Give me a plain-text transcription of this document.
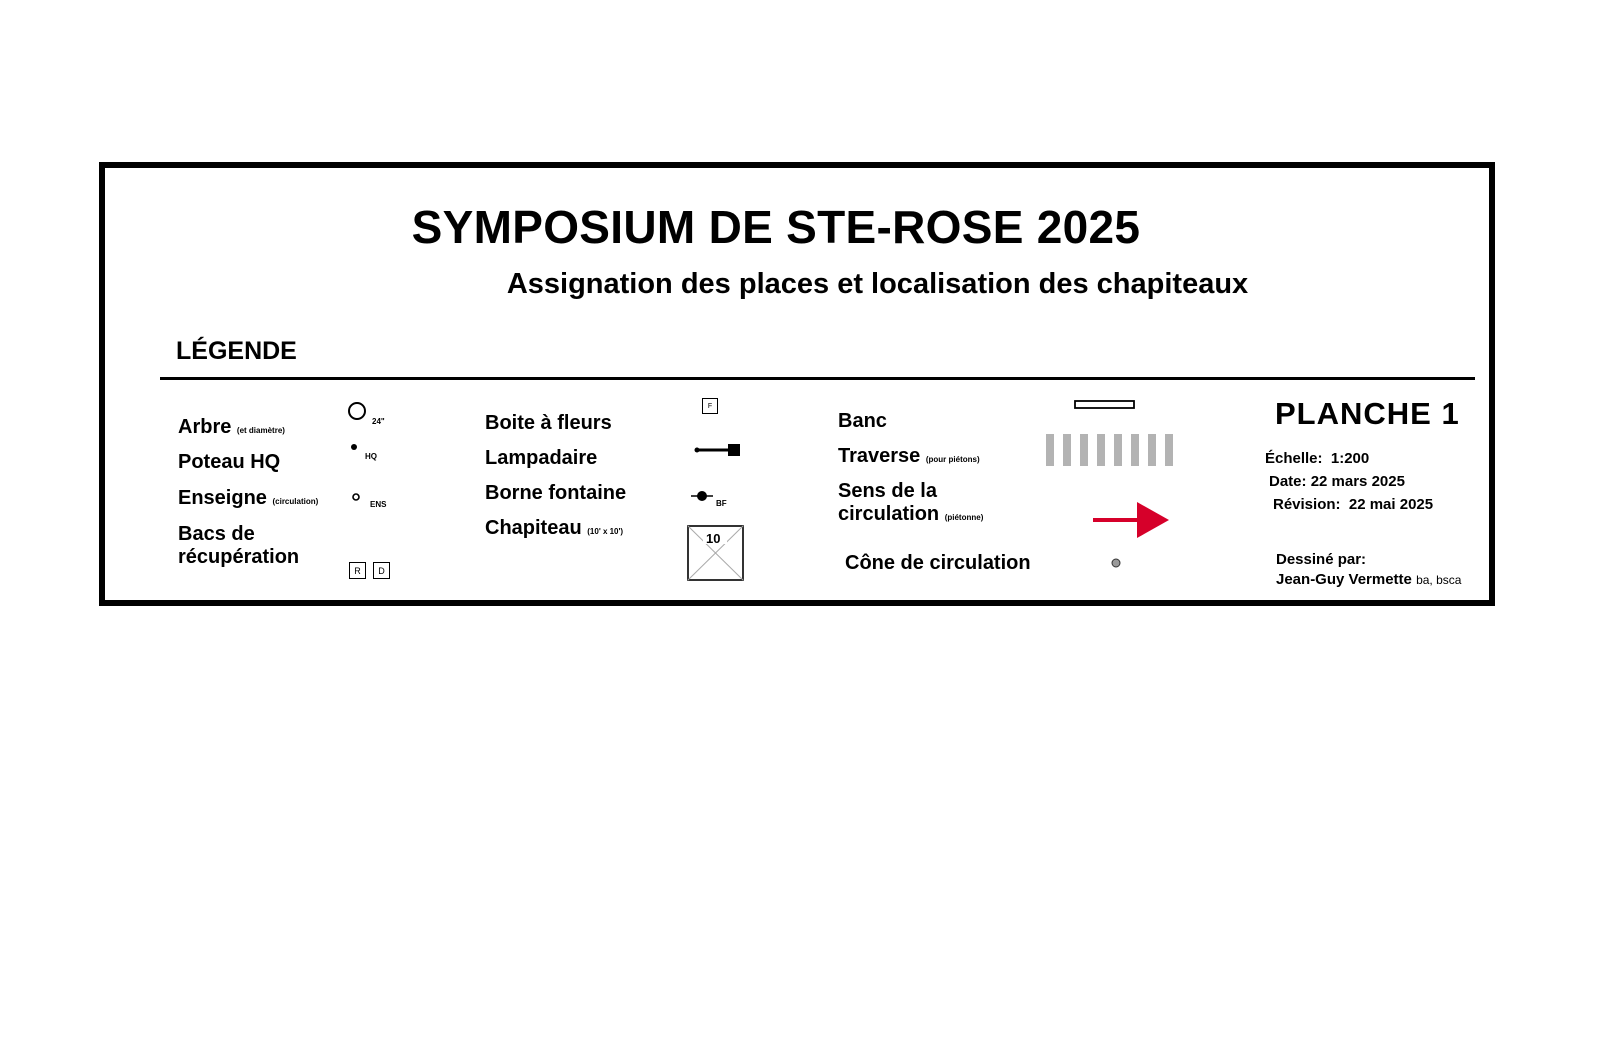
SYMPOSIUM DE STE-ROSE 2025
Assignation des places et localisation des chapiteaux
LÉGENDE
Arbre (et diamètre)
24"
Poteau HQ	HQ
Enseigne (circulation)	ENS
Bacs de
récupération
R	D
Boite à fleurs
F
Lampadaire
Borne fontaine	BF
Chapiteau (10' x 10')	10
Banc
Traverse (pour piétons)
Sens de la
circulation (piétonne)
Cône de circulation
PLANCHE 1
Échelle: 1:200
Date: 22 mars 2025
Révision: 22 mai 2025
Dessiné par:
Jean-Guy Vermette ba, bsca
